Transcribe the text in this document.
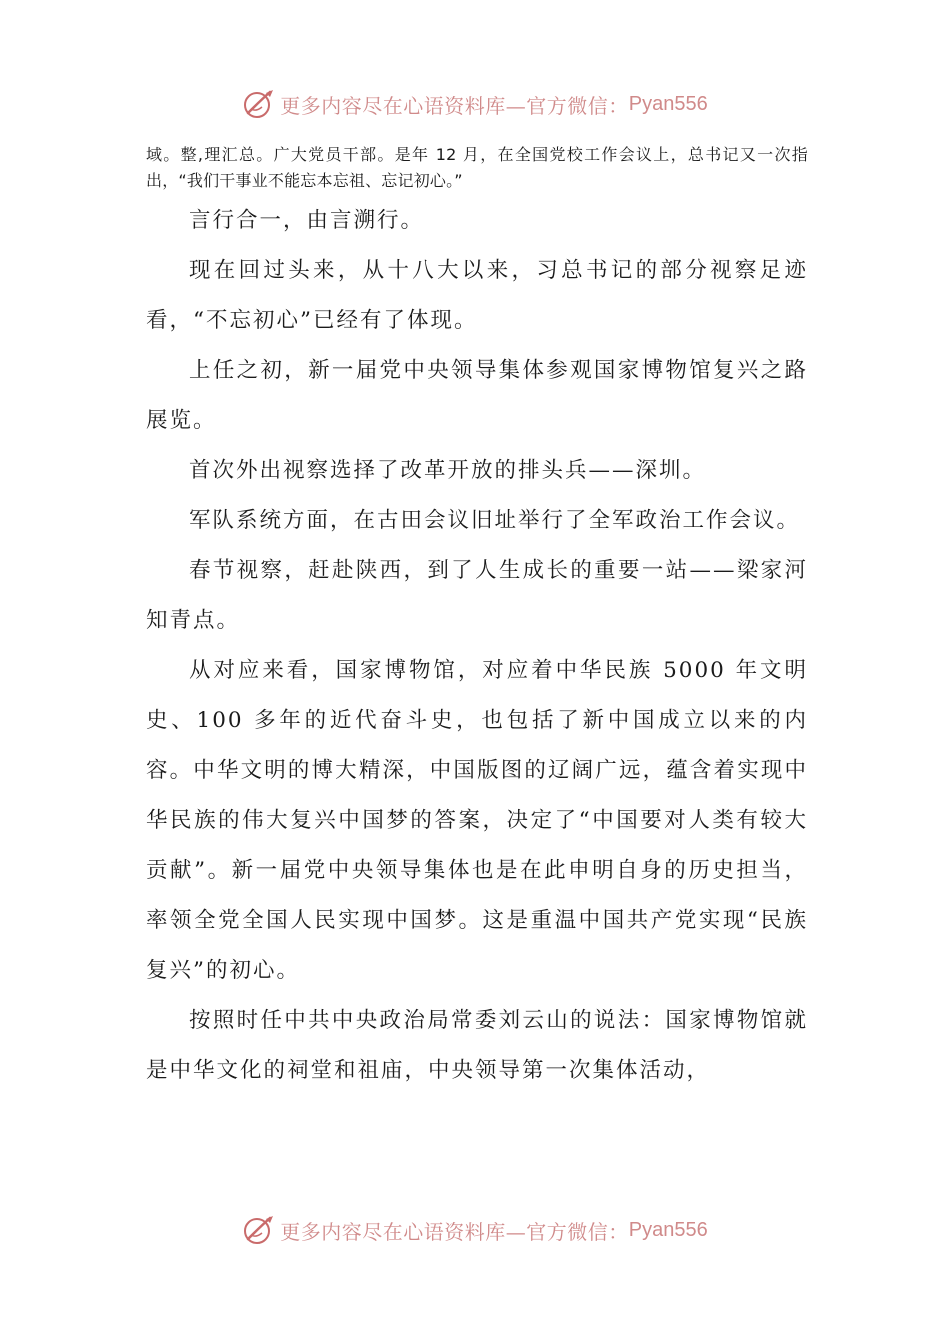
更多内容尽在心语资料库—官方微信： Pyan556

域。整,理汇总。广大党员干部。是年 12 月，在全国党校工作会议上，总书记又一次指出，“我们干事业不能忘本忘祖、忘记初心。”

言行合一，由言溯行。

现在回过头来，从十八大以来，习总书记的部分视察足迹看，“不忘初心”已经有了体现。

上任之初，新一届党中央领导集体参观国家博物馆复兴之路展览。

首次外出视察选择了改革开放的排头兵——深圳。

军队系统方面，在古田会议旧址举行了全军政治工作会议。

春节视察，赶赴陕西，到了人生成长的重要一站——梁家河知青点。

从对应来看，国家博物馆，对应着中华民族 5000 年文明史、100 多年的近代奋斗史，也包括了新中国成立以来的内容。中华文明的博大精深，中国版图的辽阔广远，蕴含着实现中华民族的伟大复兴中国梦的答案，决定了“中国要对人类有较大贡献”。新一届党中央领导集体也是在此申明自身的历史担当，率领全党全国人民实现中国梦。这是重温中国共产党实现“民族复兴”的初心。

按照时任中共中央政治局常委刘云山的说法：国家博物馆就是中华文化的祠堂和祖庙，中央领导第一次集体活动，

更多内容尽在心语资料库—官方微信： Pyan556
